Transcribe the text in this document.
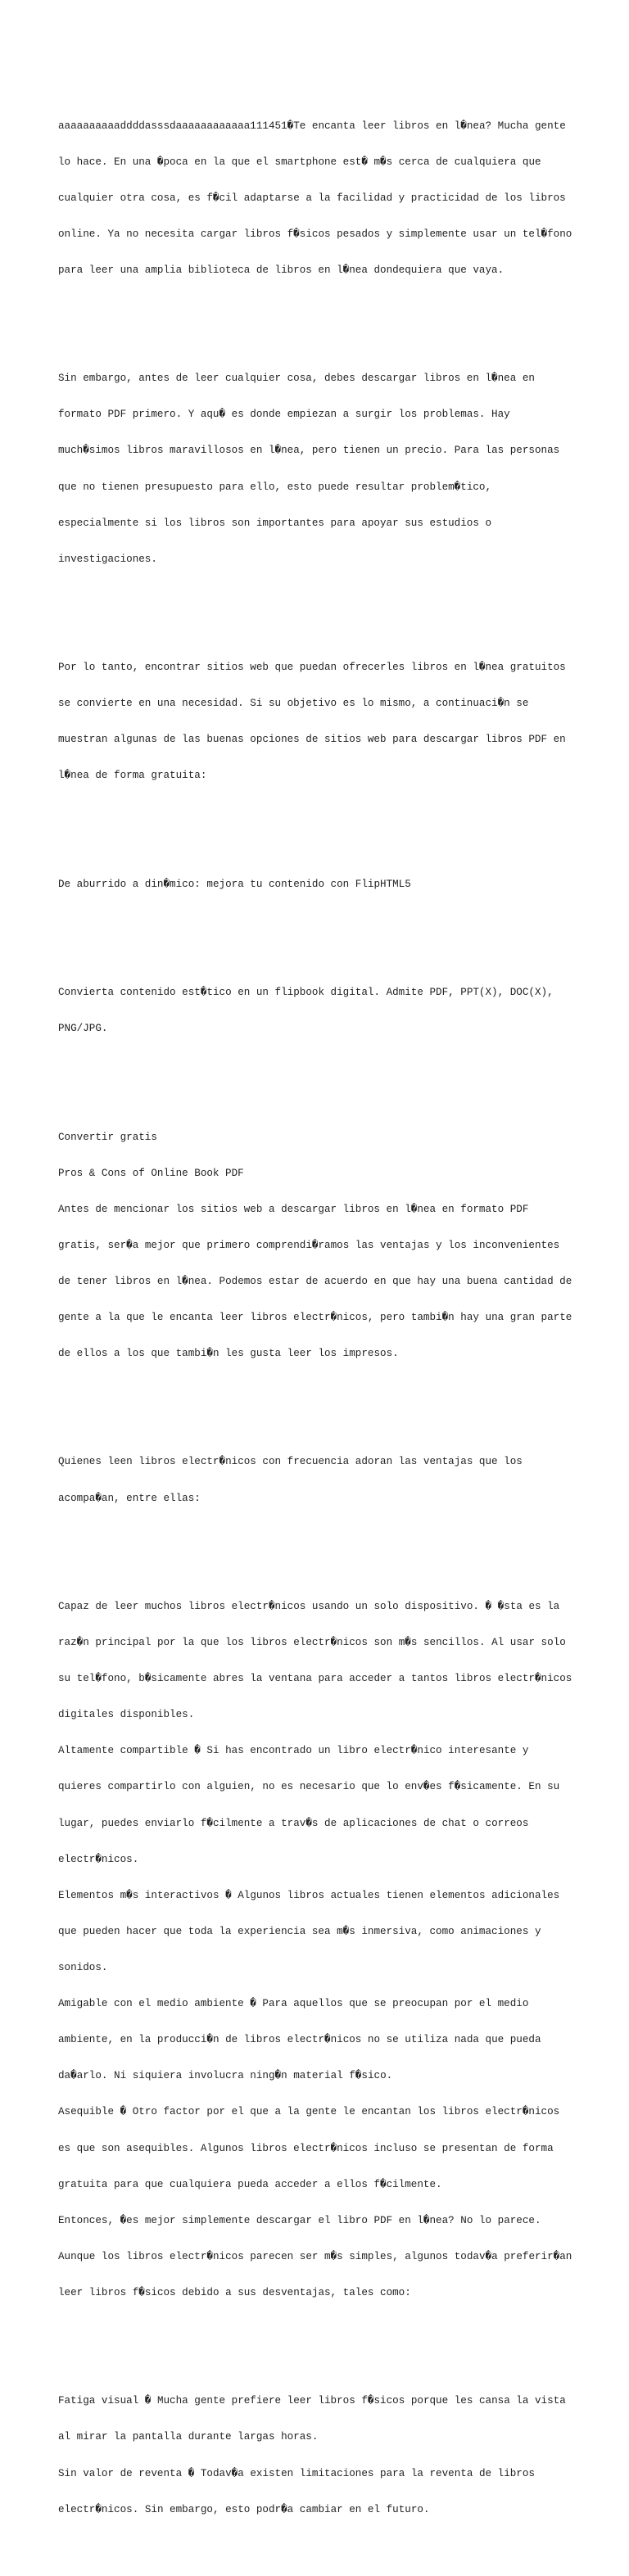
aaaaaaaaaaddddasssdaaaaaaaaaaaa111451�Te encanta leer libros en l�nea? Mucha gente

lo hace. En una �poca en la que el smartphone est� m�s cerca de cualquiera que

cualquier otra cosa, es f�cil adaptarse a la facilidad y practicidad de los libros

online. Ya no necesita cargar libros f�sicos pesados y simplemente usar un tel�fono

para leer una amplia biblioteca de libros en l�nea dondequiera que vaya.

Sin embargo, antes de leer cualquier cosa, debes descargar libros en l�nea en

formato PDF primero. Y aqu� es donde empiezan a surgir los problemas. Hay

much�simos libros maravillosos en l�nea, pero tienen un precio. Para las personas

que no tienen presupuesto para ello, esto puede resultar problem�tico,

especialmente si los libros son importantes para apoyar sus estudios o

investigaciones.

Por lo tanto, encontrar sitios web que puedan ofrecerles libros en l�nea gratuitos

se convierte en una necesidad. Si su objetivo es lo mismo, a continuaci�n se

muestran algunas de las buenas opciones de sitios web para descargar libros PDF en

l�nea de forma gratuita:

De aburrido a din�mico: mejora tu contenido con FlipHTML5

Convierta contenido est�tico en un flipbook digital. Admite PDF, PPT(X), DOC(X),

PNG/JPG.

Convertir gratis

Pros & Cons of Online Book PDF

Antes de mencionar los sitios web a descargar libros en l�nea en formato PDF

gratis, ser�a mejor que primero comprendi�ramos las ventajas y los inconvenientes

de tener libros en l�nea. Podemos estar de acuerdo en que hay una buena cantidad de

gente a la que le encanta leer libros electr�nicos, pero tambi�n hay una gran parte

de ellos a los que tambi�n les gusta leer los impresos.

Quienes leen libros electr�nicos con frecuencia adoran las ventajas que los

acompa�an, entre ellas:

Capaz de leer muchos libros electr�nicos usando un solo dispositivo. � �sta es la

raz�n principal por la que los libros electr�nicos son m�s sencillos. Al usar solo

su tel�fono, b�sicamente abres la ventana para acceder a tantos libros electr�nicos

digitales disponibles.

Altamente compartible � Si has encontrado un libro electr�nico interesante y

quieres compartirlo con alguien, no es necesario que lo env�es f�sicamente. En su

lugar, puedes enviarlo f�cilmente a trav�s de aplicaciones de chat o correos

electr�nicos.

Elementos m�s interactivos � Algunos libros actuales tienen elementos adicionales

que pueden hacer que toda la experiencia sea m�s inmersiva, como animaciones y

sonidos.

Amigable con el medio ambiente � Para aquellos que se preocupan por el medio

ambiente, en la producci�n de libros electr�nicos no se utiliza nada que pueda

da�arlo. Ni siquiera involucra ning�n material f�sico.

Asequible � Otro factor por el que a la gente le encantan los libros electr�nicos

es que son asequibles. Algunos libros electr�nicos incluso se presentan de forma

gratuita para que cualquiera pueda acceder a ellos f�cilmente.

Entonces, �es mejor simplemente descargar el libro PDF en l�nea? No lo parece.

Aunque los libros electr�nicos parecen ser m�s simples, algunos todav�a preferir�an

leer libros f�sicos debido a sus desventajas, tales como:

Fatiga visual � Mucha gente prefiere leer libros f�sicos porque les cansa la vista

al mirar la pantalla durante largas horas.

Sin valor de reventa � Todav�a existen limitaciones para la reventa de libros

electr�nicos. Sin embargo, esto podr�a cambiar en el futuro.
